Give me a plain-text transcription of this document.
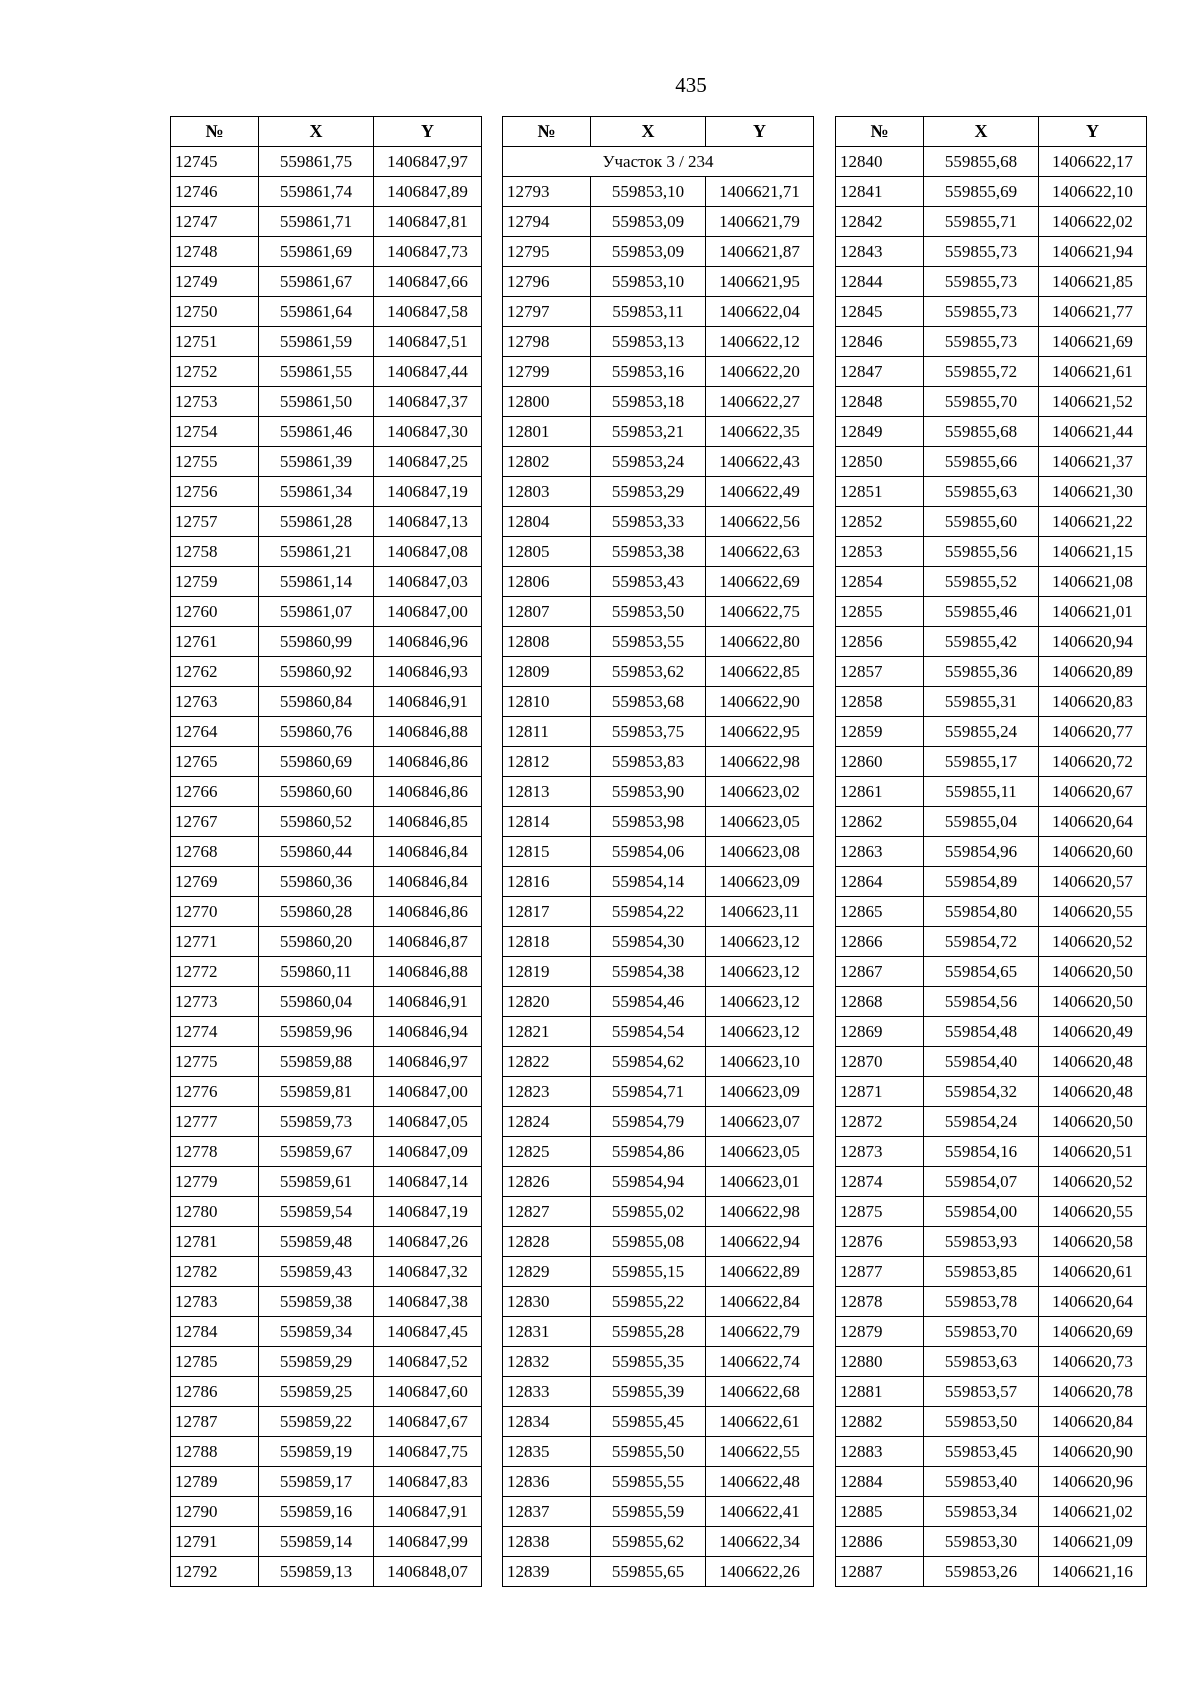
435
№	X	Y
12745	559861,75	1406847,97
12746	559861,74	1406847,89
12747	559861,71	1406847,81
12748	559861,69	1406847,73
12749	559861,67	1406847,66
12750	559861,64	1406847,58
12751	559861,59	1406847,51
12752	559861,55	1406847,44
12753	559861,50	1406847,37
12754	559861,46	1406847,30
12755	559861,39	1406847,25
12756	559861,34	1406847,19
12757	559861,28	1406847,13
12758	559861,21	1406847,08
12759	559861,14	1406847,03
12760	559861,07	1406847,00
12761	559860,99	1406846,96
12762	559860,92	1406846,93
12763	559860,84	1406846,91
12764	559860,76	1406846,88
12765	559860,69	1406846,86
12766	559860,60	1406846,86
12767	559860,52	1406846,85
12768	559860,44	1406846,84
12769	559860,36	1406846,84
12770	559860,28	1406846,86
12771	559860,20	1406846,87
12772	559860,11	1406846,88
12773	559860,04	1406846,91
12774	559859,96	1406846,94
12775	559859,88	1406846,97
12776	559859,81	1406847,00
12777	559859,73	1406847,05
12778	559859,67	1406847,09
12779	559859,61	1406847,14
12780	559859,54	1406847,19
12781	559859,48	1406847,26
12782	559859,43	1406847,32
12783	559859,38	1406847,38
12784	559859,34	1406847,45
12785	559859,29	1406847,52
12786	559859,25	1406847,60
12787	559859,22	1406847,67
12788	559859,19	1406847,75
12789	559859,17	1406847,83
12790	559859,16	1406847,91
12791	559859,14	1406847,99
12792	559859,13	1406848,07
№	X	Y
Участок 3 / 234		
12793	559853,10	1406621,71
12794	559853,09	1406621,79
12795	559853,09	1406621,87
12796	559853,10	1406621,95
12797	559853,11	1406622,04
12798	559853,13	1406622,12
12799	559853,16	1406622,20
12800	559853,18	1406622,27
12801	559853,21	1406622,35
12802	559853,24	1406622,43
12803	559853,29	1406622,49
12804	559853,33	1406622,56
12805	559853,38	1406622,63
12806	559853,43	1406622,69
12807	559853,50	1406622,75
12808	559853,55	1406622,80
12809	559853,62	1406622,85
12810	559853,68	1406622,90
12811	559853,75	1406622,95
12812	559853,83	1406622,98
12813	559853,90	1406623,02
12814	559853,98	1406623,05
12815	559854,06	1406623,08
12816	559854,14	1406623,09
12817	559854,22	1406623,11
12818	559854,30	1406623,12
12819	559854,38	1406623,12
12820	559854,46	1406623,12
12821	559854,54	1406623,12
12822	559854,62	1406623,10
12823	559854,71	1406623,09
12824	559854,79	1406623,07
12825	559854,86	1406623,05
12826	559854,94	1406623,01
12827	559855,02	1406622,98
12828	559855,08	1406622,94
12829	559855,15	1406622,89
12830	559855,22	1406622,84
12831	559855,28	1406622,79
12832	559855,35	1406622,74
12833	559855,39	1406622,68
12834	559855,45	1406622,61
12835	559855,50	1406622,55
12836	559855,55	1406622,48
12837	559855,59	1406622,41
12838	559855,62	1406622,34
12839	559855,65	1406622,26
№	X	Y
12840	559855,68	1406622,17
12841	559855,69	1406622,10
12842	559855,71	1406622,02
12843	559855,73	1406621,94
12844	559855,73	1406621,85
12845	559855,73	1406621,77
12846	559855,73	1406621,69
12847	559855,72	1406621,61
12848	559855,70	1406621,52
12849	559855,68	1406621,44
12850	559855,66	1406621,37
12851	559855,63	1406621,30
12852	559855,60	1406621,22
12853	559855,56	1406621,15
12854	559855,52	1406621,08
12855	559855,46	1406621,01
12856	559855,42	1406620,94
12857	559855,36	1406620,89
12858	559855,31	1406620,83
12859	559855,24	1406620,77
12860	559855,17	1406620,72
12861	559855,11	1406620,67
12862	559855,04	1406620,64
12863	559854,96	1406620,60
12864	559854,89	1406620,57
12865	559854,80	1406620,55
12866	559854,72	1406620,52
12867	559854,65	1406620,50
12868	559854,56	1406620,50
12869	559854,48	1406620,49
12870	559854,40	1406620,48
12871	559854,32	1406620,48
12872	559854,24	1406620,50
12873	559854,16	1406620,51
12874	559854,07	1406620,52
12875	559854,00	1406620,55
12876	559853,93	1406620,58
12877	559853,85	1406620,61
12878	559853,78	1406620,64
12879	559853,70	1406620,69
12880	559853,63	1406620,73
12881	559853,57	1406620,78
12882	559853,50	1406620,84
12883	559853,45	1406620,90
12884	559853,40	1406620,96
12885	559853,34	1406621,02
12886	559853,30	1406621,09
12887	559853,26	1406621,16
